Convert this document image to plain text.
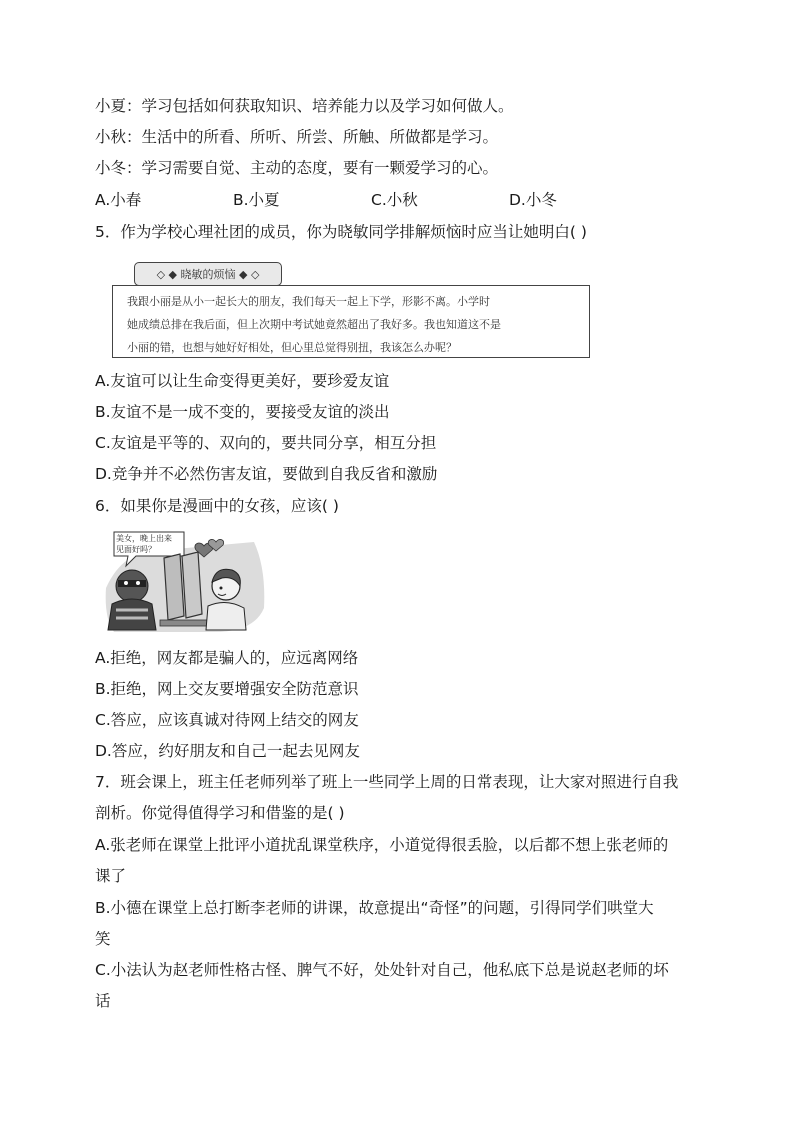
小夏：学习包括如何获取知识、培养能力以及学习如何做人。
小秋：生活中的所看、所听、所尝、所触、所做都是学习。
小冬：学习需要自觉、主动的态度，要有一颗爱学习的心。
A.小春	B.小夏	C.小秋	D.小冬
5．作为学校心理社团的成员，你为晓敏同学排解烦恼时应当让她明白( )
◇ ◆ 晓敏的烦恼 ◆ ◇

我跟小丽是从小一起长大的朋友，我们每天一起上下学，形影不离。小学时

她成绩总排在我后面，但上次期中考试她竟然超出了我好多。我也知道这不是

小丽的错，也想与她好好相处，但心里总觉得别扭，我该怎么办呢？

A.友谊可以让生命变得更美好，要珍爱友谊
B.友谊不是一成不变的，要接受友谊的淡出
C.友谊是平等的、双向的，要共同分享，相互分担
D.竞争并不必然伤害友谊，要做到自我反省和激励
6．如果你是漫画中的女孩，应该( )
美女，晚上出来
见面好吗？
A.拒绝，网友都是骗人的，应远离网络
B.拒绝，网上交友要增强安全防范意识
C.答应，应该真诚对待网上结交的网友
D.答应，约好朋友和自己一起去见网友
7．班会课上，班主任老师列举了班上一些同学上周的日常表现，让大家对照进行自我
剖析。你觉得值得学习和借鉴的是( )
A.张老师在课堂上批评小道扰乱课堂秩序，小道觉得很丢脸，以后都不想上张老师的
课了
B.小德在课堂上总打断李老师的讲课，故意提出“奇怪”的问题，引得同学们哄堂大
笑
C.小法认为赵老师性格古怪、脾气不好，处处针对自己，他私底下总是说赵老师的坏
话
